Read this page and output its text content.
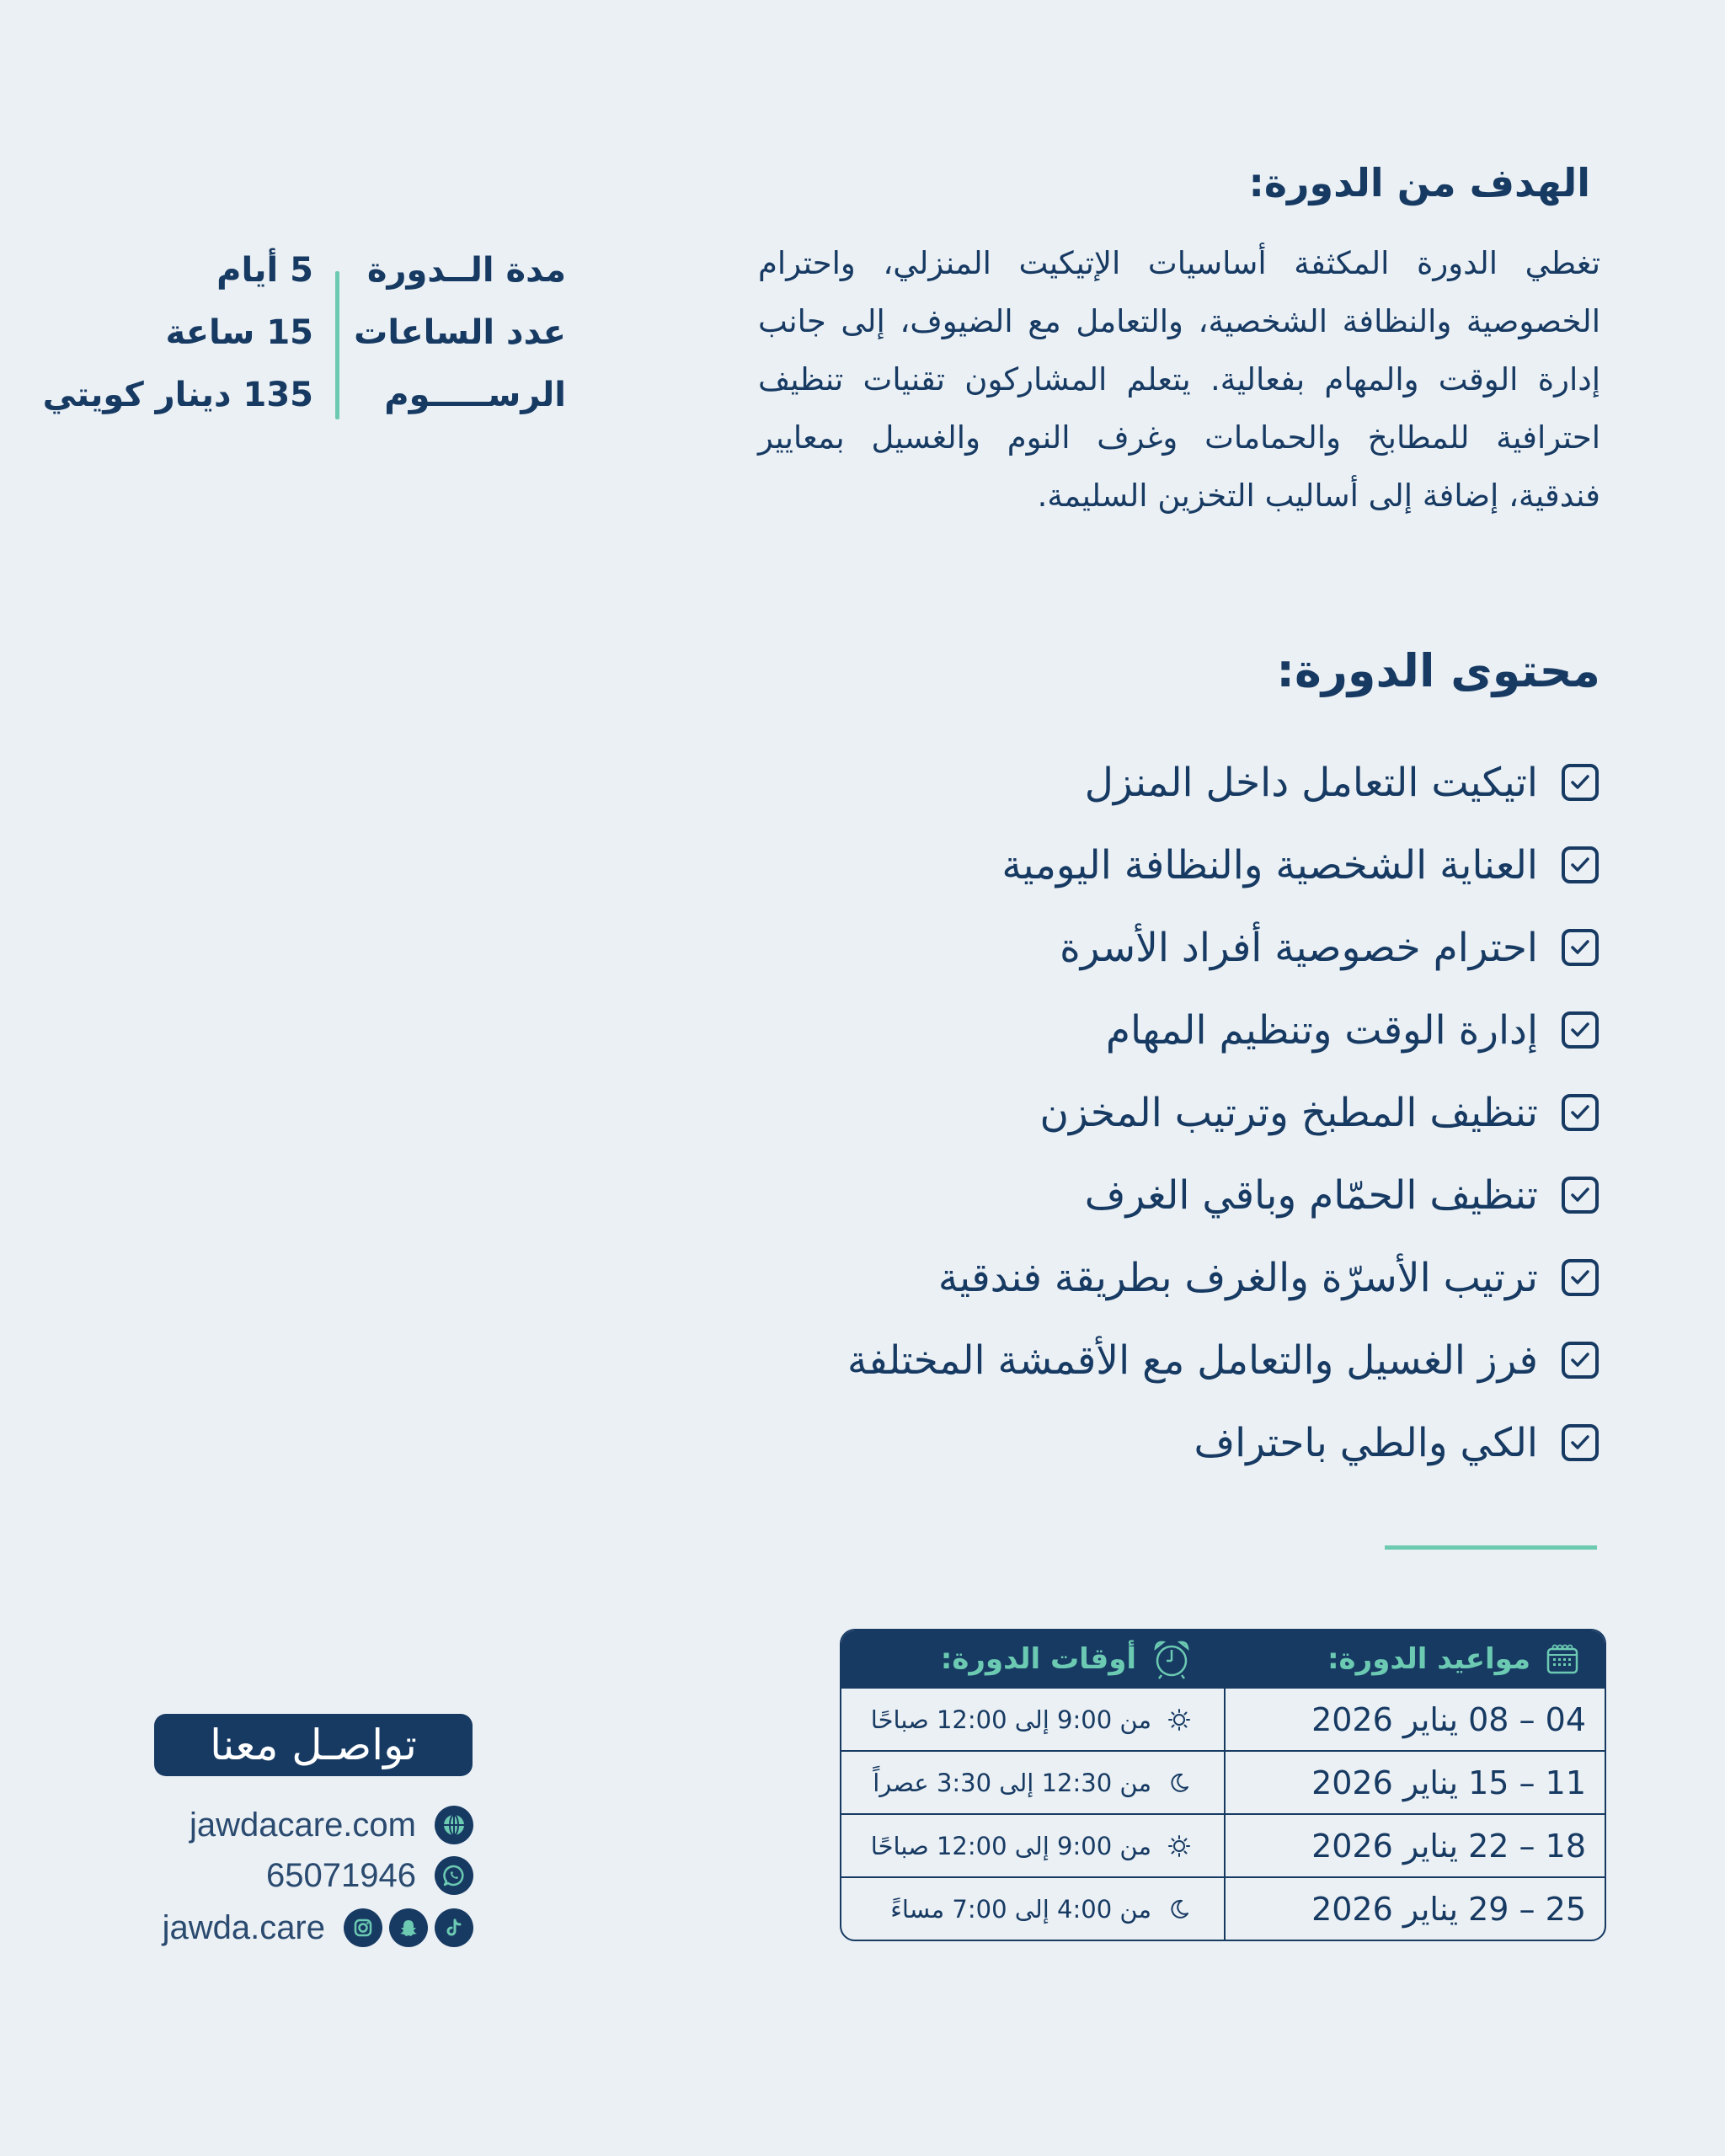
الهدف من الدورة:
تغطي الدورة المكثفة أساسيات الإتيكيت المنزلي، واحترام الخصوصية والنظافة الشخصية، والتعامل مع الضيوف، إلى جانب إدارة الوقت والمهام بفعالية. يتعلم المشاركون تقنيات تنظيف احترافية للمطابخ والحمامات وغرف النوم والغسيل بمعايير فندقية، إضافة إلى أساليب التخزين السليمة.
مدة الــدورة
5 أيام
عدد الساعات
15 ساعة
الرســـــوم
135 دينار كويتي
محتوى الدورة:
اتيكيت التعامل داخل المنزل
العناية الشخصية والنظافة اليومية
احترام خصوصية أفراد الأسرة
إدارة الوقت وتنظيم المهام
تنظيف المطبخ وترتيب المخزن
تنظيف الحمّام وباقي الغرف
ترتيب الأسرّة والغرف بطريقة فندقية
فرز الغسيل والتعامل مع الأقمشة المختلفة
الكي والطي باحتراف
مواعيد الدورة:
أوقات الدورة:
04 – 08 يناير 2026
من 9:00 إلى 12:00 صباحًا
11 – 15 يناير 2026
من 12:30 إلى 3:30 عصراً
18 – 22 يناير 2026
من 9:00 إلى 12:00 صباحًا
25 – 29 يناير 2026
من 4:00 إلى 7:00 مساءً
تواصـل معنا
jawdacare.com
65071946
jawda.care
